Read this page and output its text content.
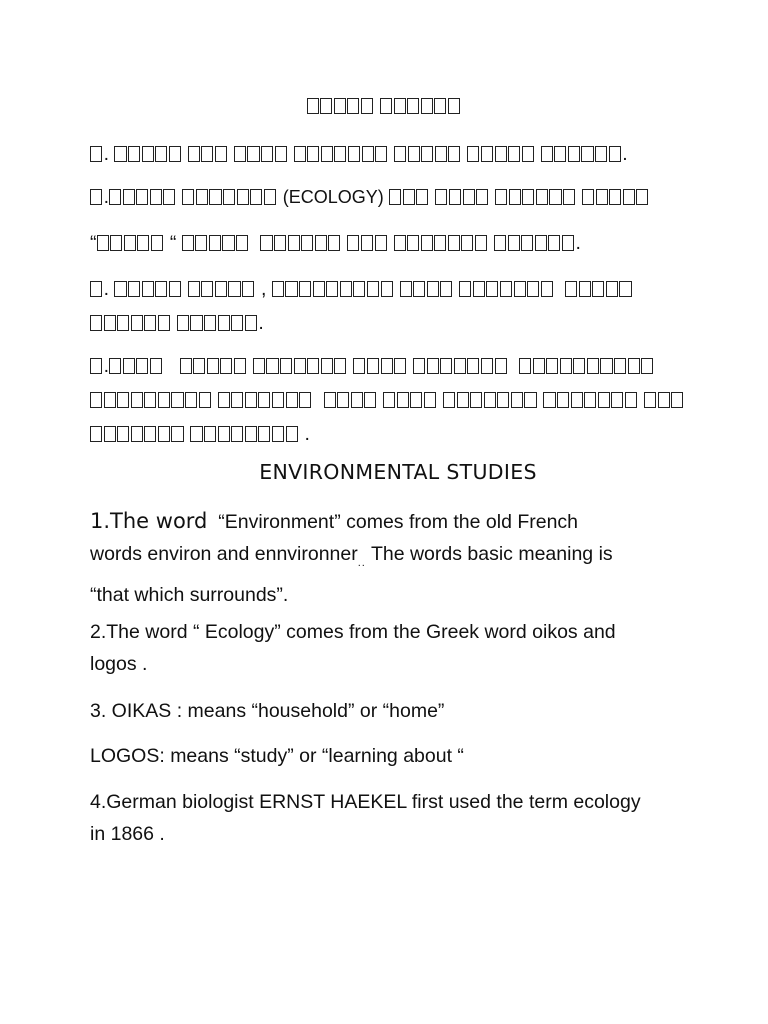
.	.

.	(ECOLOGY)

“	“	.

.	,

.

.

.

ENVIRONMENTAL STUDIES
1.The word “Environment” comes from the old French
words environ and ennvironner$_{..}$ The words basic meaning is
“that which surrounds”.
2.The word “ Ecology” comes from the Greek word oikos and
logos .
3. OIKAS : means “household” or “home”
LOGOS: means “study” or “learning about “
4.German biologist ERNST HAEKEL first used the term ecology
in 1866 .
